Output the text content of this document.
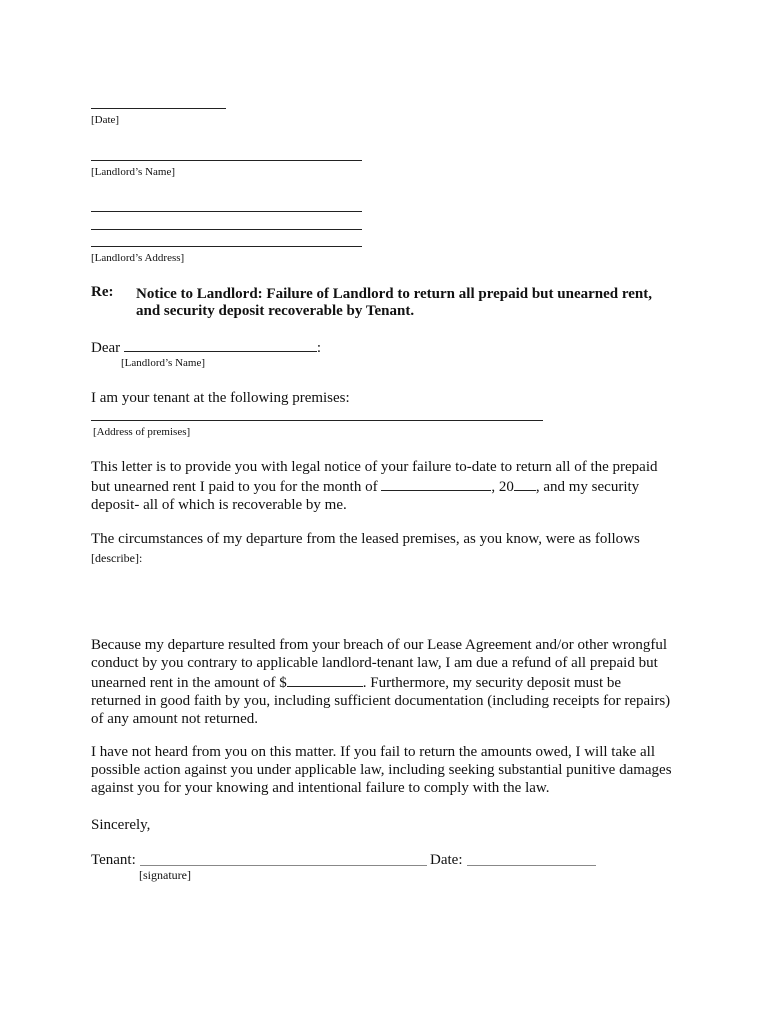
[Date]
[Landlord’s Name]
[Landlord’s Address]
Re: Notice to Landlord: Failure of Landlord to return all prepaid but unearned rent,
and security deposit recoverable by Tenant.
Dear	:
[Landlord’s Name]
I am your tenant at the following premises:
[Address of premises]
This letter is to provide you with legal notice of your failure to-date to return all of the prepaid
but unearned rent I paid to you for the month of	, 20 , and my security
deposit- all of which is recoverable by me.
The circumstances of my departure from the leased premises, as you know, were as follows
[describe]:
Because my departure resulted from your breach of our Lease Agreement and/or other wrongful
conduct by you contrary to applicable landlord-tenant law, I am due a refund of all prepaid but
unearned rent in the amount of $	. Furthermore, my security deposit must be
returned in good faith by you, including sufficient documentation (including receipts for repairs)
of any amount not returned.
I have not heard from you on this matter. If you fail to return the amounts owed, I will take all
possible action against you under applicable law, including seeking substantial punitive damages
against you for your knowing and intentional failure to comply with the law.
Sincerely,
Tenant:	Date:
[signature]
